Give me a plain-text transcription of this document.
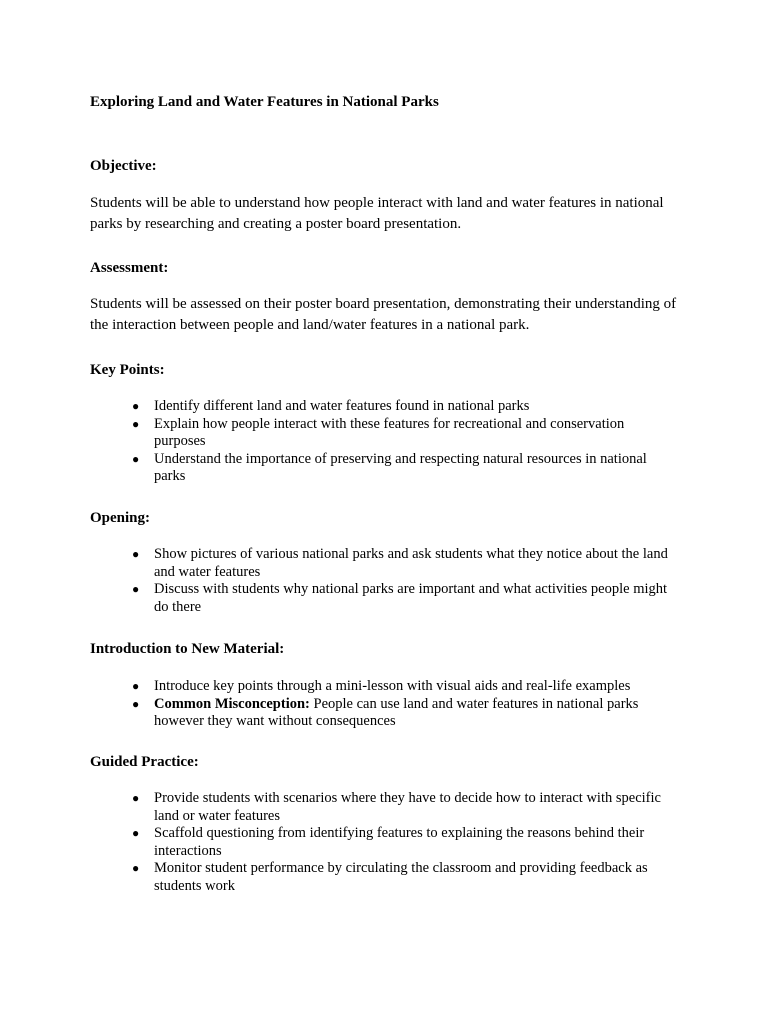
Exploring Land and Water Features in National Parks
Objective:
Students will be able to understand how people interact with land and water features in national parks by researching and creating a poster board presentation.
Assessment:
Students will be assessed on their poster board presentation, demonstrating their understanding of the interaction between people and land/water features in a national park.
Key Points:
● Identify different land and water features found in national parks
● Explain how people interact with these features for recreational and conservation purposes
● Understand the importance of preserving and respecting natural resources in national parks
Opening:
● Show pictures of various national parks and ask students what they notice about the land and water features
● Discuss with students why national parks are important and what activities people might do there
Introduction to New Material:
● Introduce key points through a mini-lesson with visual aids and real-life examples
● Common Misconception: People can use land and water features in national parks however they want without consequences
Guided Practice:
● Provide students with scenarios where they have to decide how to interact with specific land or water features
● Scaffold questioning from identifying features to explaining the reasons behind their interactions
● Monitor student performance by circulating the classroom and providing feedback as students work
